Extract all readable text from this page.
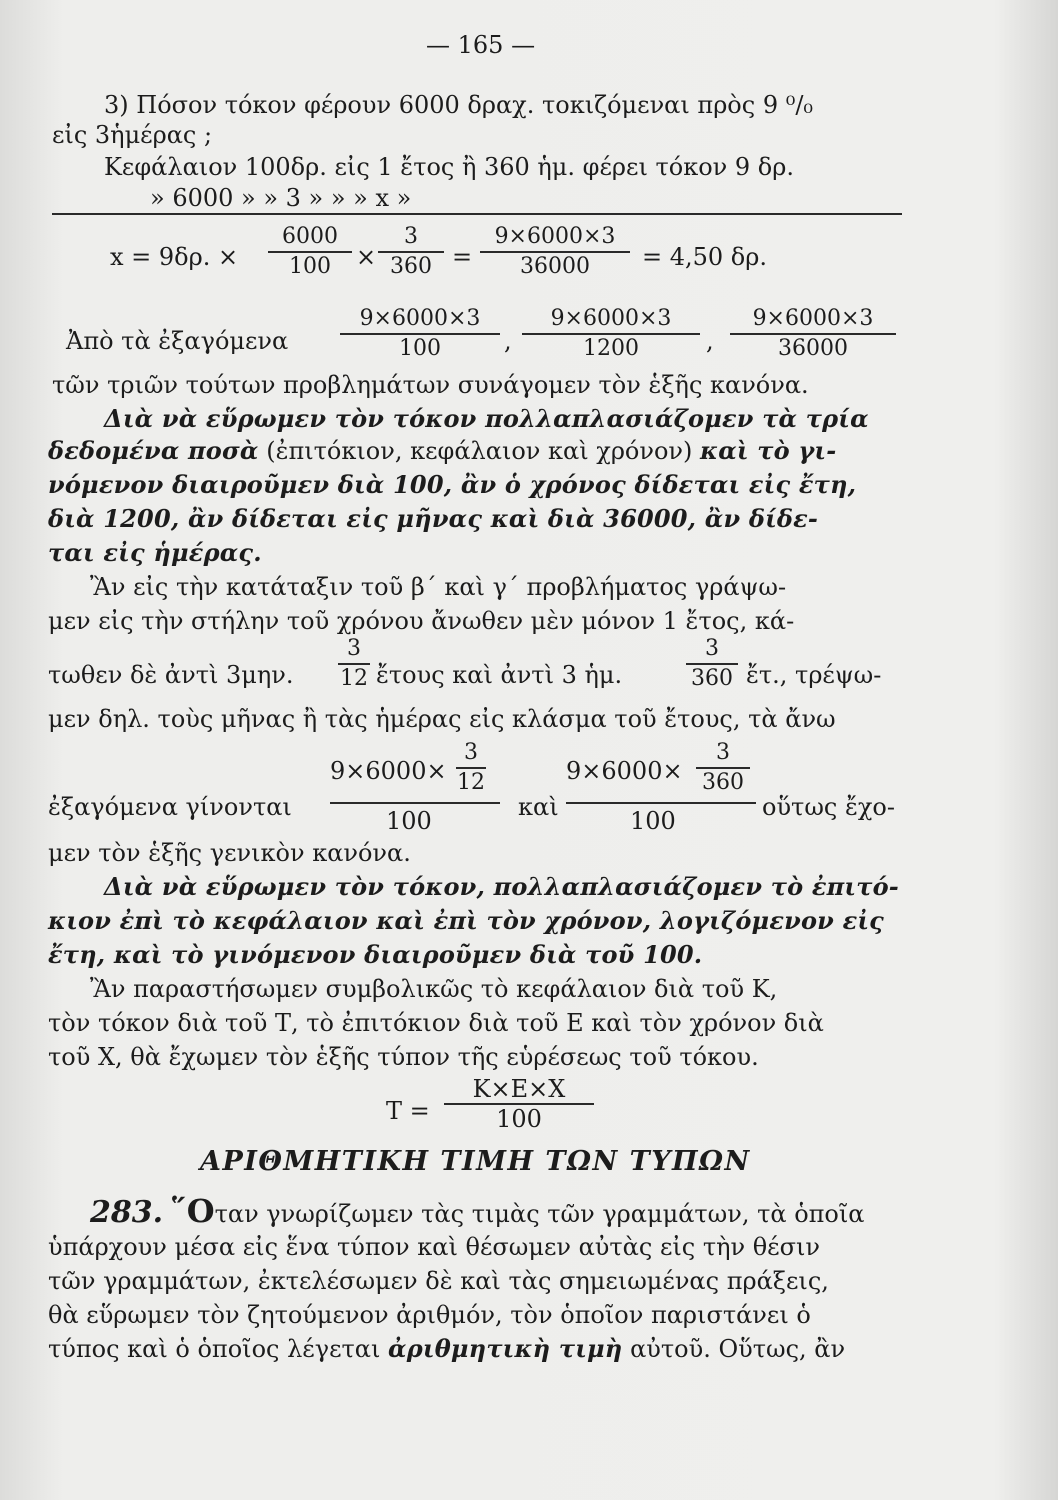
— 165 —
3) Πόσον τόκον φέρουν 6000 δραχ. τοκιζόμεναι πρὸς 9 ⁰/₀
εἰς 3ἡμέρας ;
Κεφάλαιον 100δρ. εἰς 1 ἔτος ἢ 360 ἡμ. φέρει τόκον 9 δρ.
» 6000 » » 3 » » » x »
x = 9δρ. ×
6000
100	×
3
360 =
9×6000×3
36000	= 4,50 δρ.
Ἀπὸ τὰ ἐξαγόμενα
9×6000×3
100	,
9×6000×3
1200	,
9×6000×3
36000
τῶν τριῶν τούτων προβλημάτων συνάγομεν τὸν ἑξῆς κανόνα.
Διὰ νὰ εὕρωμεν τὸν τόκον πολλαπλασιάζομεν τὰ τρία
δεδομένα ποσὰ (ἐπιτόκιον, κεφάλαιον καὶ χρόνον) καὶ τὸ γι-
νόμενον διαιροῦμεν διὰ 100, ἂν ὁ χρόνος δίδεται εἰς ἔτη,
διὰ 1200, ἂν δίδεται εἰς μῆνας καὶ διὰ 36000, ἂν δίδε-
ται εἰς ἡμέρας.
Ἂν εἰς τὴν κατάταξιν τοῦ β΄ καὶ γ΄ προβλήματος γράψω-
μεν εἰς τὴν στήλην τοῦ χρόνου ἄνωθεν μὲν μόνον 1 ἔτος, κά-
τωθεν δὲ ἀντὶ 3μην.
3
12 ἔτους καὶ ἀντὶ 3 ἡμ.
3
360 ἔτ., τρέψω-
μεν δηλ. τοὺς μῆνας ἢ τὰς ἡμέρας εἰς κλάσμα τοῦ ἔτους, τὰ ἄνω
ἐξαγόμενα γίνονται
9×6000×
3
12
100	καὶ
9×6000×
3
360
100	οὕτως ἔχο-
μεν τὸν ἑξῆς γενικὸν κανόνα.
Διὰ νὰ εὕρωμεν τὸν τόκον, πολλαπλασιάζομεν τὸ ἐπιτό-
κιον ἐπὶ τὸ κεφάλαιον καὶ ἐπὶ τὸν χρόνον, λογιζόμενον εἰς
ἔτη, καὶ τὸ γινόμενον διαιροῦμεν διὰ τοῦ 100.
Ἂν παραστήσωμεν συμβολικῶς τὸ κεφάλαιον διὰ τοῦ Κ,
τὸν τόκον διὰ τοῦ Τ, τὸ ἐπιτόκιον διὰ τοῦ Ε καὶ τὸν χρόνον διὰ
τοῦ Χ, θὰ ἔχωμεν τὸν ἑξῆς τύπον τῆς εὑρέσεως τοῦ τόκου.
Τ =
Κ×Ε×Χ
100
ΑΡΙΘΜΗΤΙΚΗ ΤΙΜΗ ΤΩΝ ΤΥΠΩΝ
283. ῞Οταν γνωρίζωμεν τὰς τιμὰς τῶν γραμμάτων, τὰ ὁποῖα
ὑπάρχουν μέσα εἰς ἕνα τύπον καὶ θέσωμεν αὐτὰς εἰς τὴν θέσιν
τῶν γραμμάτων, ἐκτελέσωμεν δὲ καὶ τὰς σημειωμένας πράξεις,
θὰ εὕρωμεν τὸν ζητούμενον ἀριθμόν, τὸν ὁποῖον παριστάνει ὁ
τύπος καὶ ὁ ὁποῖος λέγεται ἀριθμητικὴ τιμὴ αὐτοῦ. Οὕτως, ἂν
